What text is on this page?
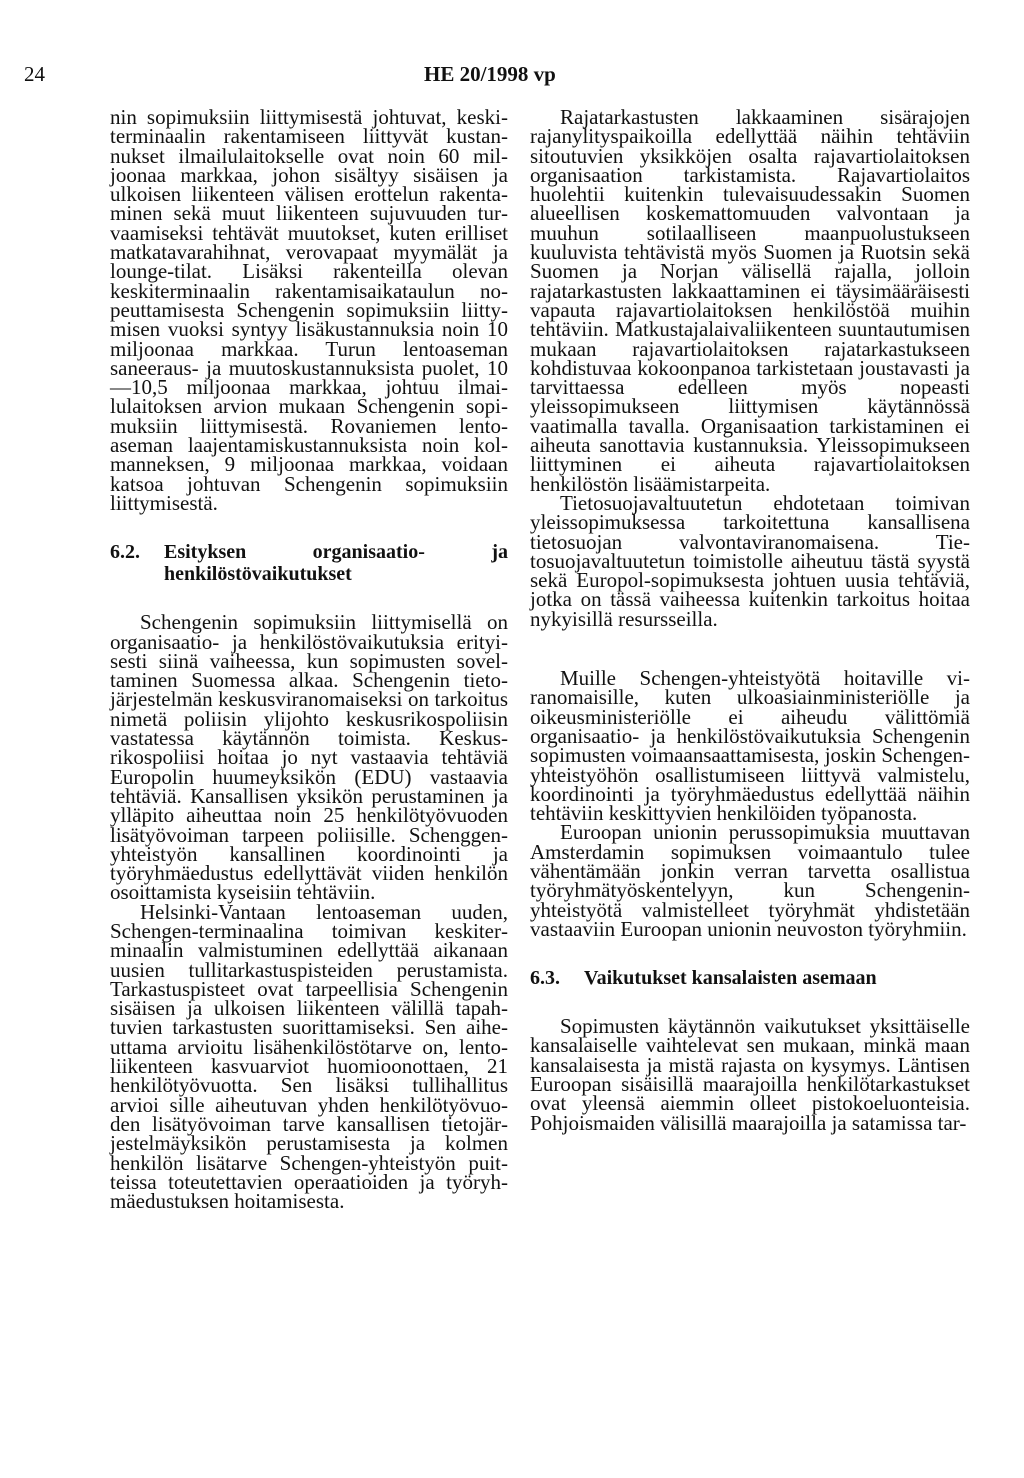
24	HE 20/1998 vp

nin sopimuksiin liittymisestä johtuvat, keskiterminaalin rakentamiseen liittyvät kustannukset ilmailulaitokselle ovat noin 60 miljoonaa markkaa, johon sisältyy sisäisen ja ulkoisen liikenteen välisen erottelun rakentaminen sekä muut liikenteen sujuvuuden turvaamiseksi tehtävät muutokset, kuten erilliset matkatavarahihnat, verovapaat myymälät ja lounge-tilat. Lisäksi rakenteilla olevan keskiterminaalin rakentamisaikataulun nopeuttamisesta Schengenin sopimuksiin liittymisen vuoksi syntyy lisäkustannuksia noin 10 miljoonaa markkaa. Turun lentoaseman saneeraus- ja muutoskustannuksista puolet, 10—10,5 miljoonaa markkaa, johtuu ilmailulaitoksen arvion mukaan Schengenin sopimuksiin liittymisestä. Rovaniemen lentoaseman laajentamiskustannuksista noin kolmanneksen, 9 miljoonaa markkaa, voidaan katsoa johtuvan Schengenin sopimuksiin liittymisestä.

6.2.	Esityksen organisaatio- ja henkilöstövaikutukset

Schengenin sopimuksiin liittymisellä on organisaatio- ja henkilöstövaikutuksia erityisesti siinä vaiheessa, kun sopimusten soveltaminen Suomessa alkaa. Schengenin tietojärjestelmän keskusviranomaiseksi on tarkoitus nimetä poliisin ylijohto keskusrikospoliisin vastatessa käytännön toimista. Keskusrikospoliisi hoitaa jo nyt vastaavia tehtäviä Europolin huumeyksikön (EDU) vastaavia tehtäviä. Kansallisen yksikön perustaminen ja ylläpito aiheuttaa noin 25 henkilötyövuoden lisätyövoiman tarpeen poliisille. Schenggen-yhteistyön kansallinen koordinointi ja työryhmäedustus edellyttävät viiden henkilön osoittamista kyseisiin tehtäviin.

Helsinki-Vantaan lentoaseman uuden, Schengen-terminaalina toimivan keskiterminaalin valmistuminen edellyttää aikanaan uusien tullitarkastuspisteiden perustamista. Tarkastuspisteet ovat tarpeellisia Schengenin sisäisen ja ulkoisen liikenteen välillä tapahtuvien tarkastusten suorittamiseksi. Sen aiheuttama arvioitu lisähenkilöstötarve on, lentoliikenteen kasvuarviot huomioonottaen, 21 henkilötyövuotta. Sen lisäksi tullihallitus arvioi sille aiheutuvan yhden henkilötyövuoden lisätyövoiman tarve kansallisen tietojärjestelmäyksikön perustamisesta ja kolmen henkilön lisätarve Schengen-yhteistyön puitteissa toteutettavien operaatioiden ja työryhmäedustuksen hoitamisesta.

Rajatarkastusten lakkaaminen sisärajojen rajanylityspaikoilla edellyttää näihin tehtäviin sitoutuvien yksikköjen osalta rajavartiolaitoksen organisaation tarkistamista. Rajavartiolaitos huolehtii kuitenkin tulevaisuudessakin Suomen alueellisen koskemattomuuden valvontaan ja muuhun sotilaalliseen maanpuolustukseen kuuluvista tehtävistä myös Suomen ja Ruotsin sekä Suomen ja Norjan välisellä rajalla, jolloin rajatarkastusten lakkaattaminen ei täysimääräisesti vapauta rajavartiolaitoksen henkilöstöä muihin tehtäviin. Matkustajalaivaliikenteen suuntautumisen mukaan rajavartiolaitoksen rajatarkastukseen kohdistuvaa kokoonpanoa tarkistetaan joustavasti ja tarvittaessa edelleen myös nopeasti yleissopimukseen liittymisen käytännössä vaatimalla tavalla. Organisaation tarkistaminen ei aiheuta sanottavia kustannuksia. Yleissopimukseen liittyminen ei aiheuta rajavartiolaitoksen henkilöstön lisäämistarpeita.

Tietosuojavaltuutetun ehdotetaan toimivan yleissopimuksessa tarkoitettuna kansallisena tietosuojan valvontaviranomaisena. Tietosuojavaltuutetun toimistolle aiheutuu tästä syystä sekä Europol-sopimuksesta johtuen uusia tehtäviä, jotka on tässä vaiheessa kuitenkin tarkoitus hoitaa nykyisillä resursseilla.

Muille Schengen-yhteistyötä hoitaville viranomaisille, kuten ulkoasiainministeriölle ja oikeusministeriölle ei aiheudu välittömiä organisaatio- ja henkilöstövaikutuksia Schengenin sopimusten voimaansaattamisesta, joskin Schengen-yhteistyöhön osallistumiseen liittyvä valmistelu, koordinointi ja työryhmäedustus edellyttää näihin tehtäviin keskittyvien henkilöiden työpanosta.

Euroopan unionin perussopimuksia muuttavan Amsterdamin sopimuksen voimaantulo tulee vähentämään jonkin verran tarvetta osallistua työryhmätyöskentelyyn, kun Schengenin-yhteistyötä valmistelleet työryhmät yhdistetään vastaaviin Euroopan unionin neuvoston työryhmiin.

6.3.	Vaikutukset kansalaisten asemaan

Sopimusten käytännön vaikutukset yksittäiselle kansalaiselle vaihtelevat sen mukaan, minkä maan kansalaisesta ja mistä rajasta on kysymys. Läntisen Euroopan sisäisillä maarajoilla henkilötarkastukset ovat yleensä aiemmin olleet pistokoeluonteisia. Pohjoismaiden välisillä maarajoilla ja satamissa tar-
